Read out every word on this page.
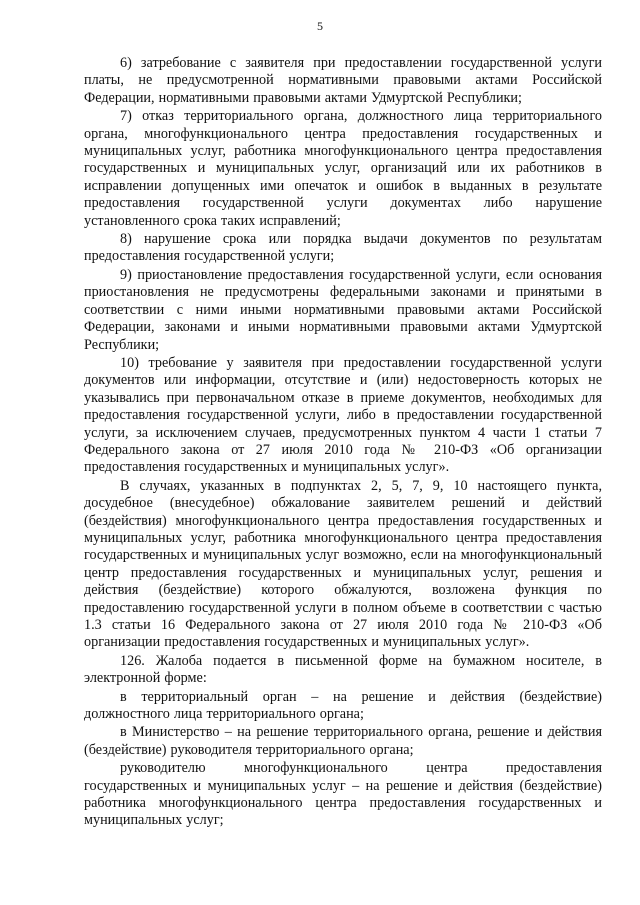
5

6) затребование с заявителя при предоставлении государственной услуги платы, не предусмотренной нормативными правовыми актами Российской Федерации, нормативными правовыми актами Удмуртской Республики;

7) отказ территориального органа, должностного лица территориального органа, многофункционального центра предоставления государственных и муниципальных услуг, работника многофункционального центра предоставления государственных и муниципальных услуг, организаций или их работников в исправлении допущенных ими опечаток и ошибок в выданных в результате предоставления государственной услуги документах либо нарушение установленного срока таких исправлений;

8) нарушение срока или порядка выдачи документов по результатам предоставления государственной услуги;

9) приостановление предоставления государственной услуги, если основания приостановления не предусмотрены федеральными законами и принятыми в соответствии с ними иными нормативными правовыми актами Российской Федерации, законами и иными нормативными правовыми актами Удмуртской Республики;

10) требование у заявителя при предоставлении государственной услуги документов или информации, отсутствие и (или) недостоверность которых не указывались при первоначальном отказе в приеме документов, необходимых для предоставления государственной услуги, либо в предоставлении государственной услуги, за исключением случаев, предусмотренных пунктом 4 части 1 статьи 7 Федерального закона от 27 июля 2010 года № 210-ФЗ «Об организации предоставления государственных и муниципальных услуг».

В случаях, указанных в подпунктах 2, 5, 7, 9, 10 настоящего пункта, досудебное (внесудебное) обжалование заявителем решений и действий (бездействия) многофункционального центра предоставления государственных и муниципальных услуг, работника многофункционального центра предоставления государственных и муниципальных услуг возможно, если на многофункциональный центр предоставления государственных и муниципальных услуг, решения и действия (бездействие) которого обжалуются, возложена функция по предоставлению государственной услуги в полном объеме в соответствии с частью 1.3 статьи 16 Федерального закона от 27 июля 2010 года № 210-ФЗ «Об организации предоставления государственных и муниципальных услуг».

126. Жалоба подается в письменной форме на бумажном носителе, в электронной форме:

в территориальный орган – на решение и действия (бездействие) должностного лица территориального органа;

в Министерство – на решение территориального органа, решение и действия (бездействие) руководителя территориального органа;

руководителю многофункционального центра предоставления государственных и муниципальных услуг – на решение и действия (бездействие) работника многофункционального центра предоставления государственных и муниципальных услуг;
